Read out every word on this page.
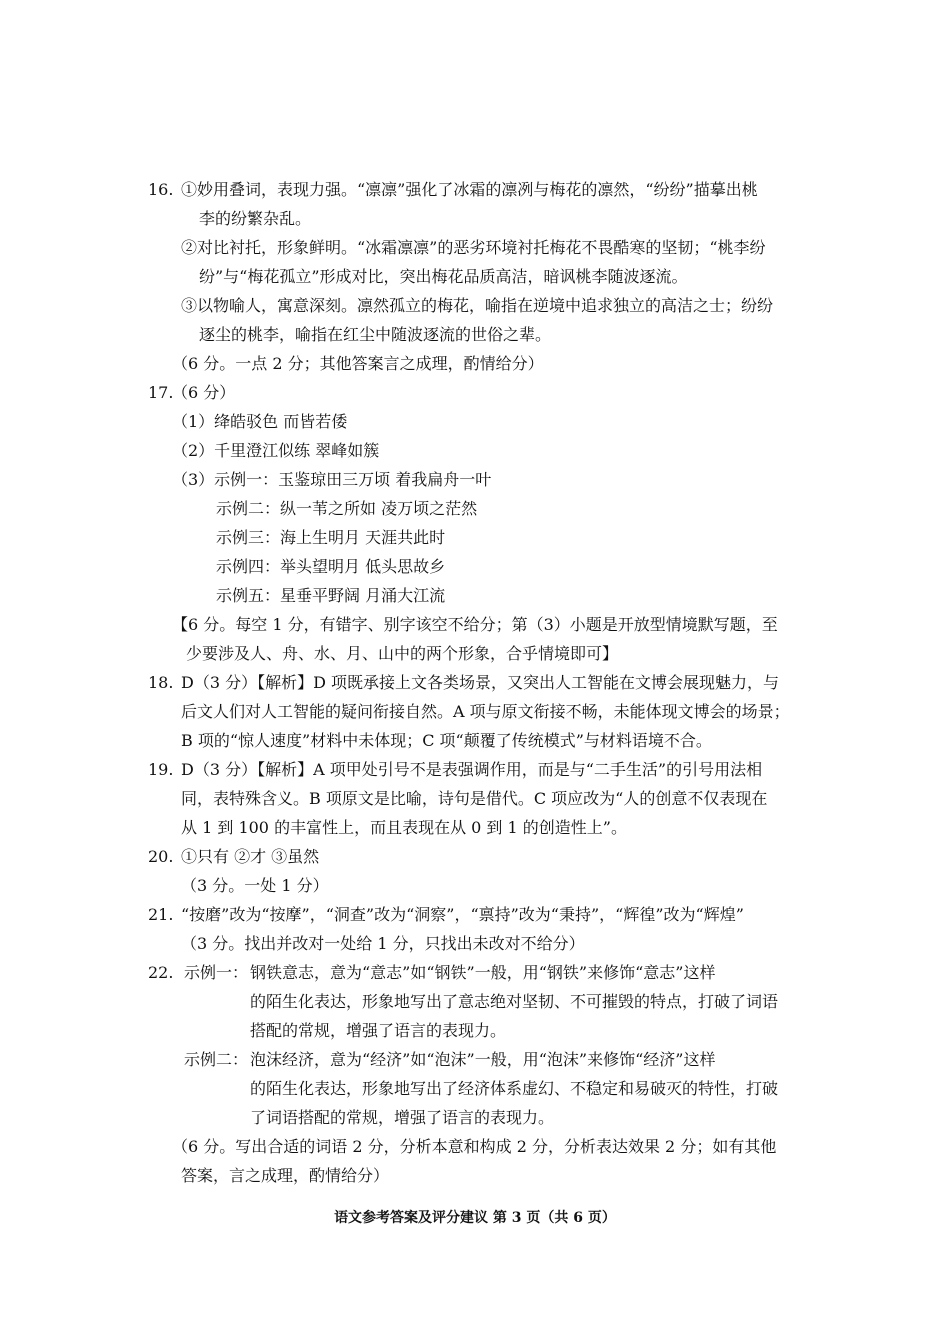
16. ①妙用叠词，表现力强。“凛凛”强化了冰霜的凛冽与梅花的凛然，“纷纷”描摹出桃
李的纷繁杂乱。
②对比衬托，形象鲜明。“冰霜凛凛”的恶劣环境衬托梅花不畏酷寒的坚韧；“桃李纷
纷”与“梅花孤立”形成对比，突出梅花品质高洁，暗讽桃李随波逐流。
③以物喻人，寓意深刻。凛然孤立的梅花，喻指在逆境中追求独立的高洁之士；纷纷
逐尘的桃李，喻指在红尘中随波逐流的世俗之辈。
（6 分。一点 2 分；其他答案言之成理，酌情给分）
17.
（6 分）
（1）绛皓驳色 而皆若倭
（2）千里澄江似练 翠峰如簇
（3）示例一：玉鉴琼田三万顷 着我扁舟一叶
示例二：纵一苇之所如 凌万顷之茫然
示例三：海上生明月 天涯共此时
示例四：举头望明月 低头思故乡
示例五：星垂平野阔 月涌大江流
【6 分。每空 1 分，有错字、别字该空不给分；第（3）小题是开放型情境默写题，至
少要涉及人、舟、水、月、山中的两个形象，合乎情境即可】
18. D（3 分）【解析】D 项既承接上文各类场景，又突出人工智能在文博会展现魅力，与
后文人们对人工智能的疑问衔接自然。A 项与原文衔接不畅，未能体现文博会的场景；
B 项的“惊人速度”材料中未体现；C 项“颠覆了传统模式”与材料语境不合。
19. D（3 分）【解析】A 项甲处引号不是表强调作用，而是与“二手生活”的引号用法相
同，表特殊含义。B 项原文是比喻，诗句是借代。C 项应改为“人的创意不仅表现在
从 1 到 100 的丰富性上，而且表现在从 0 到 1 的创造性上”。
20. ①只有 ②才 ③虽然
（3 分。一处 1 分）
21. “按磨”改为“按摩”，“洞查”改为“洞察”，“禀持”改为“秉持”，“辉徨”改为“辉煌”
（3 分。找出并改对一处给 1 分，只找出未改对不给分）
22. 示例一： 钢铁意志，意为“意志”如“钢铁”一般，用“钢铁”来修饰“意志”这样
的陌生化表达，形象地写出了意志绝对坚韧、不可摧毁的特点，打破了词语
搭配的常规，增强了语言的表现力。
示例二： 泡沫经济，意为“经济”如“泡沫”一般，用“泡沫”来修饰“经济”这样
的陌生化表达，形象地写出了经济体系虚幻、不稳定和易破灭的特性，打破
了词语搭配的常规，增强了语言的表现力。
（6 分。写出合适的词语 2 分，分析本意和构成 2 分，分析表达效果 2 分；如有其他
答案，言之成理，酌情给分）
语文参考答案及评分建议 第 3 页（共 6 页）
